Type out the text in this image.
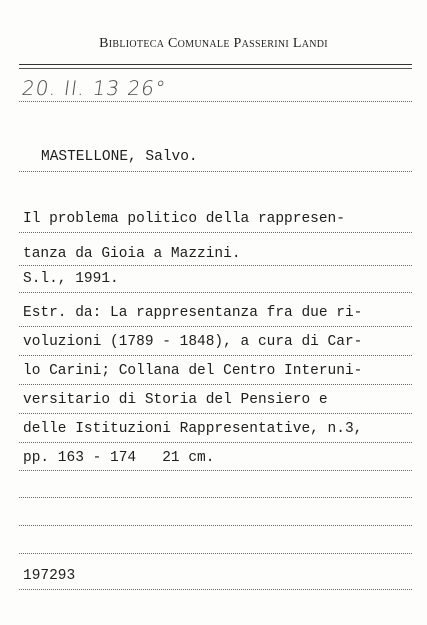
Biblioteca Comunale Passerini Landi
20. II. 13 26°
MASTELLONE, Salvo.
Il problema politico della rappresen-
tanza da Gioia a Mazzini.
S.l., 1991.
Estr. da: La rappresentanza fra due ri-
voluzioni (1789 - 1848), a cura di Car-
lo Carini; Collana del Centro Interuni-
versitario di Storia del Pensiero e
delle Istituzioni Rappresentative, n.3,
pp. 163 - 174   21 cm.
197293
